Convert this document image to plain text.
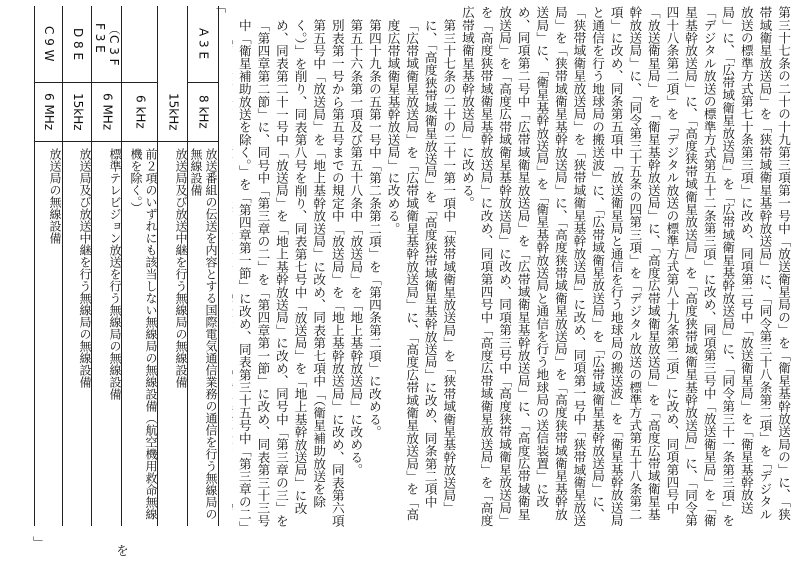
第三十七条の二十の十九第三項第一号中「放送衛星局の」を「衛星基幹放送局の」に、「狭帯域衛星放送局」を「狭帯域衛星基幹放送局」に、「同令第三十八条第二項」を「デジタル放送の標準方式第七十条第三項」に改め、同項第二号中「放送衛星局」を「衛星基幹放送局」に、「広帯域衛星放送局」を「広帯域衛星基幹放送局」に、「同令第三十一条第三項」を「デジタル放送の標準方式第五十二条第三項」に改め、同項第三号中「放送衛星局」を「衛星基幹放送局」に、「高度狭帯域衛星放送局」を「高度狭帯域衛星基幹放送局」に、「同令第四十八条第二項」を「デジタル放送の標準方式第八十九条第二項」に改め、同項第四号中「放送衛星局」を「衛星基幹放送局」に、「高度広帯域衛星放送局」を「高度広帯域衛星基幹放送局」に、「同令第三十五条の四第三項」を「デジタル放送の標準方式第五十八条第二項」に改め、同条第五項中「放送衛星局と通信を行う地球局の搬送波」を「衛星基幹放送局と通信を行う地球局の搬送波」に、「広帯域衛星放送局」を「広帯域衛星基幹放送局」に、「狭帯域衛星放送局」を「狭帯域衛星基幹放送局」に改め、同項第一号中「狭帯域衛星放送局」を「狭帯域衛星基幹放送局」に、「高度狭帯域衛星放送局」を「高度狭帯域衛星基幹放送局」に、「衛星基幹放送局」を「衛星基幹放送局と通信を行う地球局の送信装置」に改め、同項第二号中「広帯域衛星放送局」を「広帯域衛星基幹放送局」に、「高度広帯域衛星放送局」を「高度広帯域衛星基幹放送局」に改め、同項第三号中「高度狭帯域衛星放送局」を「高度狭帯域衛星基幹放送局」に改め、同項第四号中「高度広帯域衛星放送局」を「高度広帯域衛星基幹放送局」に改める。

第三十七条の二十の二十一第一項中「狭帯域衛星放送局」を「狭帯域衛星基幹放送局」に、「高度狭帯域衛星放送局」を「高度狭帯域衛星基幹放送局」に改め、同条第二項中「広帯域衛星放送局」を「広帯域衛星基幹放送局」に、「高度広帯域衛星放送局」を「高度広帯域衛星基幹放送局」に改める。

第四十九条の五第一号中「第二条第二項」を「第四条第二項」に改める。

第五十六条第一項及び第五十八条中「放送局」を「地上基幹放送局」に改める。

別表第一号から第五号までの規定中「放送局」を「地上基幹放送局」に改め、同表第六項第五号中「放送局」を「地上基幹放送局」に改め、同表第七項中「（衛星補助放送を除く。）」を削り、同表第八号を削り、同表第七号中「放送局」を「地上基幹放送局」に改め、同表第二十一号中「放送局」を「地上基幹放送局」に改め、同号中「第三章の三」を「第四章第二節」に、同号中「第三章の二」を「第四章第一節」に改め、同表第三十三号中「衛星補助放送を除く。」を「第四章第一節」に改め、同表第三十五号中「第三章の二」

「
A 3 E
8 kHz
放送番組の伝送を内容とする国際電気通信業務の通信を行う無線局の無線設備
15kHz
放送局及び放送中継を行う無線局の無線設備
6 kHz
前２項のいずれにも該当しない無線局の無線設備（航空機用救命無線機を除く。）
（C 3 F
F 3 E
6 MHz
標準テレビジョン放送を行う無線局の無線設備
D 8 E
15kHz
放送局及び放送中継を行う無線局の無線設備
C 9 W
6 MHz
放送局の無線設備
」
を
